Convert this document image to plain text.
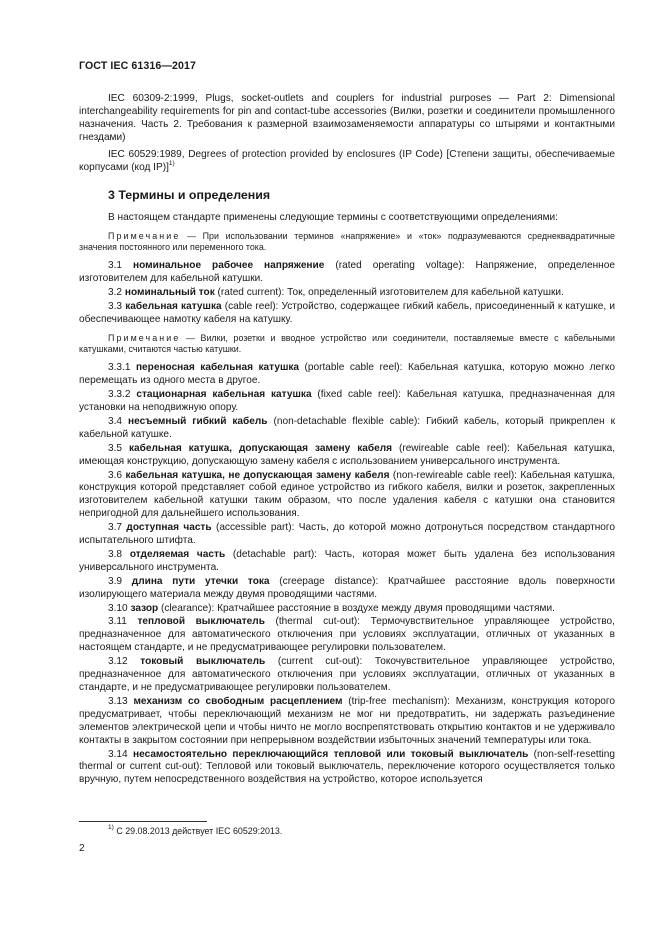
ГОСТ IEC 61316—2017

IEC 60309-2:1999, Plugs, socket-outlets and couplers for industrial purposes — Part 2: Dimensional interchangeability requirements for pin and contact-tube accessories (Вилки, розетки и соединители промышленного назначения. Часть 2. Требования к размерной взаимозаменяемости аппаратуры со штырями и контактными гнездами)

IEC 60529:1989, Degrees of protection provided by enclosures (IP Code) [Степени защиты, обеспечиваемые корпусами (код IP)]$^{1)}$

3 Термины и определения

В настоящем стандарте применены следующие термины с соответствующими определениями:

Примечание — При использовании терминов «напряжение» и «ток» подразумеваются среднеквадратичные значения постоянного или переменного тока.

3.1 номинальное рабочее напряжение (rated operating voltage): Напряжение, определенное изготовителем для кабельной катушки.

3.2 номинальный ток (rated current): Ток, определенный изготовителем для кабельной катушки.

3.3 кабельная катушка (cable reel): Устройство, содержащее гибкий кабель, присоединенный к катушке, и обеспечивающее намотку кабеля на катушку.

Примечание — Вилки, розетки и вводное устройство или соединители, поставляемые вместе с кабельными катушками, считаются частью катушки.

3.3.1 переносная кабельная катушка (portable cable reel): Кабельная катушка, которую можно легко перемещать из одного места в другое.

3.3.2 стационарная кабельная катушка (fixed cable reel): Кабельная катушка, предназначенная для установки на неподвижную опору.

3.4 несъемный гибкий кабель (non-detachable flexible cable): Гибкий кабель, который прикреплен к кабельной катушке.

3.5 кабельная катушка, допускающая замену кабеля (rewireable cable reel): Кабельная катушка, имеющая конструкцию, допускающую замену кабеля с использованием универсального инструмента.

3.6 кабельная катушка, не допускающая замену кабеля (non-rewireable cable reel): Кабельная катушка, конструкция которой представляет собой единое устройство из гибкого кабеля, вилки и розеток, закрепленных изготовителем кабельной катушки таким образом, что после удаления кабеля с катушки она становится непригодной для дальнейшего использования.

3.7 доступная часть (accessible part): Часть, до которой можно дотронуться посредством стандартного испытательного штифта.

3.8 отделяемая часть (detachable part): Часть, которая может быть удалена без использования универсального инструмента.

3.9 длина пути утечки тока (creepage distance): Кратчайшее расстояние вдоль поверхности изолирующего материала между двумя проводящими частями.

3.10 зазор (clearance): Кратчайшее расстояние в воздухе между двумя проводящими частями.

3.11 тепловой выключатель (thermal cut-out): Термочувствительное управляющее устройство, предназначенное для автоматического отключения при условиях эксплуатации, отличных от указанных в настоящем стандарте, и не предусматривающее регулировки пользователем.

3.12 токовый выключатель (current cut-out): Токочувствительное управляющее устройство, предназначенное для автоматического отключения при условиях эксплуатации, отличных от указанных в стандарте, и не предусматривающее регулировки пользователем.

3.13 механизм со свободным расцеплением (trip-free mechanism): Механизм, конструкция которого предусматривает, чтобы переключающий механизм не мог ни предотвратить, ни задержать разъединение элементов электрической цепи и чтобы ничто не могло воспрепятствовать открытию контактов и не удерживало контакты в закрытом состоянии при непрерывном воздействии избыточных значений температуры или тока.

3.14 несамостоятельно переключающийся тепловой или токовый выключатель (non-self-resetting thermal or current cut-out): Тепловой или токовый выключатель, переключение которого осуществляется только вручную, путем непосредственного воздействия на устройство, которое используется

$^{1)}$ С 29.08.2013 действует IEC 60529:2013.
2
